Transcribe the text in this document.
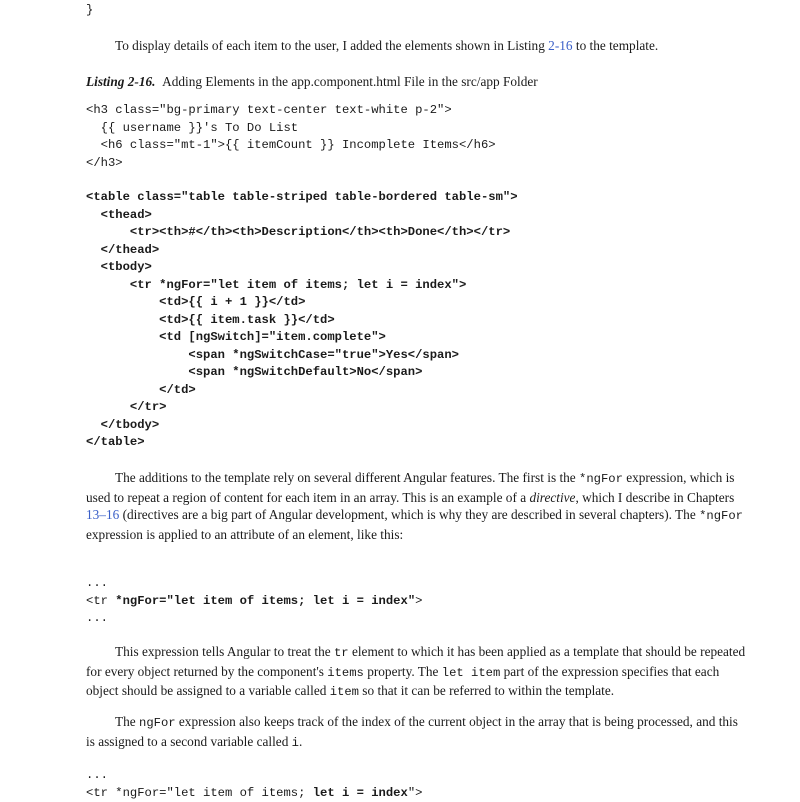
}

To display details of each item to the user, I added the elements shown in Listing 2-16 to the template.

Listing 2-16. Adding Elements in the app.component.html File in the src/app Folder

<h3 class="bg-primary text-center text-white p-2">
{{ username }}'s To Do List
<h6 class="mt-1">{{ itemCount }} Incomplete Items</h6>
</h3>
<table class="table table-striped table-bordered table-sm">
<thead>
<tr><th>#</th><th>Description</th><th>Done</th></tr>
</thead>
<tbody>
<tr *ngFor="let item of items; let i = index">
<td>{{ i + 1 }}</td>
<td>{{ item.task }}</td>
<td [ngSwitch]="item.complete">
<span *ngSwitchCase="true">Yes</span>
<span *ngSwitchDefault>No</span>
</td>
</tr>
</tbody>
</table>

The additions to the template rely on several different Angular features. The first is the *ngFor expression, which is used to repeat a region of content for each item in an array. This is an example of a directive, which I describe in Chapters 13–16 (directives are a big part of Angular development, which is why they are described in several chapters). The *ngFor expression is applied to an attribute of an element, like this:

...
<tr *ngFor="let item of items; let i = index">
...

This expression tells Angular to treat the tr element to which it has been applied as a template that should be repeated for every object returned by the component's items property. The let item part of the expression specifies that each object should be assigned to a variable called item so that it can be referred to within the template.

The ngFor expression also keeps track of the index of the current object in the array that is being processed, and this is assigned to a second variable called i.

...
<tr *ngFor="let item of items; let i = index">
